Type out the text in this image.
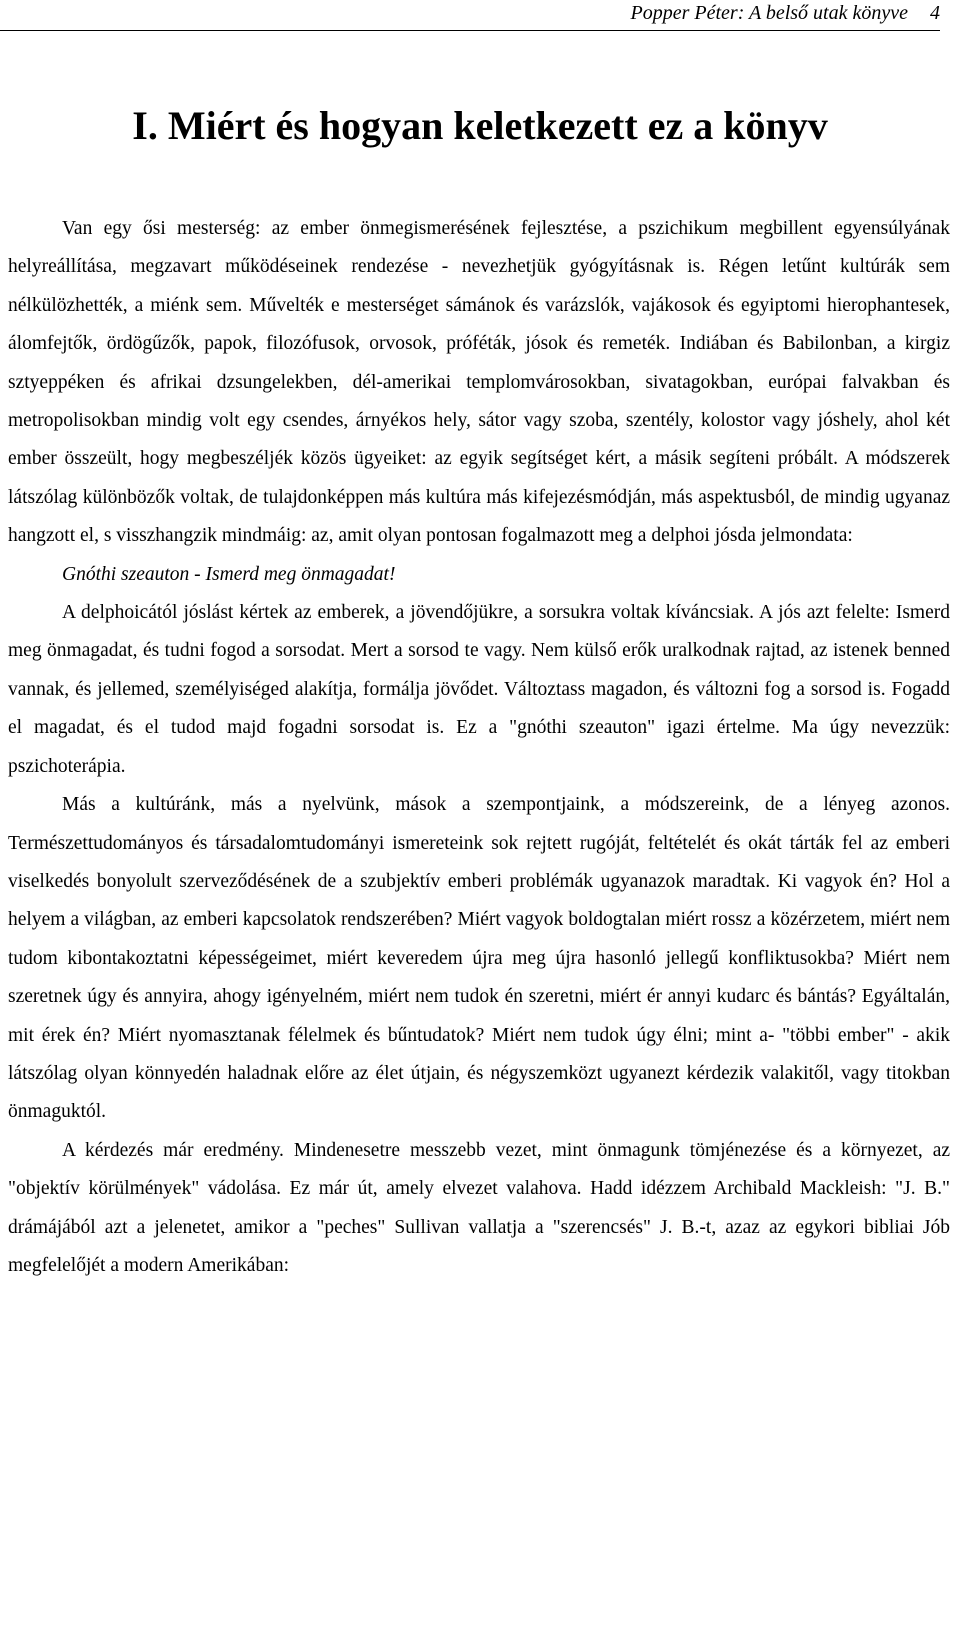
Popper Péter: A belső utak könyve 4
I. Miért és hogyan keletkezett ez a könyv

Van egy ősi mesterség: az ember önmegismerésének fejlesztése, a pszichikum megbillent egyensúlyának helyreállítása, megzavart működéseinek rendezése - nevezhetjük gyógyításnak is. Régen letűnt kultúrák sem nélkülözhették, a miénk sem. Művelték e mesterséget sámánok és varázslók, vajákosok és egyiptomi hierophantesek, álomfejtők, ördögűzők, papok, filozófusok, orvosok, próféták, jósok és remeték. Indiában és Babilonban, a kirgiz sztyeppéken és afrikai dzsungelekben, dél-amerikai templomvárosokban, sivatagokban, európai falvakban és metropolisokban mindig volt egy csendes, árnyékos hely, sátor vagy szoba, szentély, kolostor vagy jóshely, ahol két ember összeült, hogy megbeszéljék közös ügyeiket: az egyik segítséget kért, a másik segíteni próbált. A módszerek látszólag különbözők voltak, de tulajdonképpen más kultúra más kifejezésmódján, más aspektusból, de mindig ugyanaz hangzott el, s visszhangzik mindmáig: az, amit olyan pontosan fogalmazott meg a delphoi jósda jelmondata:

Gnóthi szeauton - Ismerd meg önmagadat!

A delphoicától jóslást kértek az emberek, a jövendőjükre, a sorsukra voltak kíváncsiak. A jós azt felelte: Ismerd meg önmagadat, és tudni fogod a sorsodat. Mert a sorsod te vagy. Nem külső erők uralkodnak rajtad, az istenek benned vannak, és jellemed, személyiséged alakítja, formálja jövődet. Változtass magadon, és változni fog a sorsod is. Fogadd el magadat, és el tudod majd fogadni sorsodat is. Ez a "gnóthi szeauton" igazi értelme. Ma úgy nevezzük: pszichoterápia.

Más a kultúránk, más a nyelvünk, mások a szempontjaink, a módszereink, de a lényeg azonos. Természettudományos és társadalomtudományi ismereteink sok rejtett rugóját, feltételét és okát tárták fel az emberi viselkedés bonyolult szerveződésének de a szubjektív emberi problémák ugyanazok maradtak. Ki vagyok én? Hol a helyem a világban, az emberi kapcsolatok rendszerében? Miért vagyok boldogtalan miért rossz a közérzetem, miért nem tudom kibontakoztatni képességeimet, miért keveredem újra meg újra hasonló jellegű konfliktusokba? Miért nem szeretnek úgy és annyira, ahogy igényelném, miért nem tudok én szeretni, miért ér annyi kudarc és bántás? Egyáltalán, mit érek én? Miért nyomasztanak félelmek és bűntudatok? Miért nem tudok úgy élni; mint a- "többi ember" - akik látszólag olyan könnyedén haladnak előre az élet útjain, és négyszemközt ugyanezt kérdezik valakitől, vagy titokban önmaguktól.

A kérdezés már eredmény. Mindenesetre messzebb vezet, mint önmagunk tömjénezése és a környezet, az "objektív körülmények" vádolása. Ez már út, amely elvezet valahova. Hadd idézzem Archibald Mackleish: "J. B." drámájából azt a jelenetet, amikor a "peches" Sullivan vallatja a "szerencsés" J. B.-t, azaz az egykori bibliai Jób megfelelőjét a modern Amerikában:
